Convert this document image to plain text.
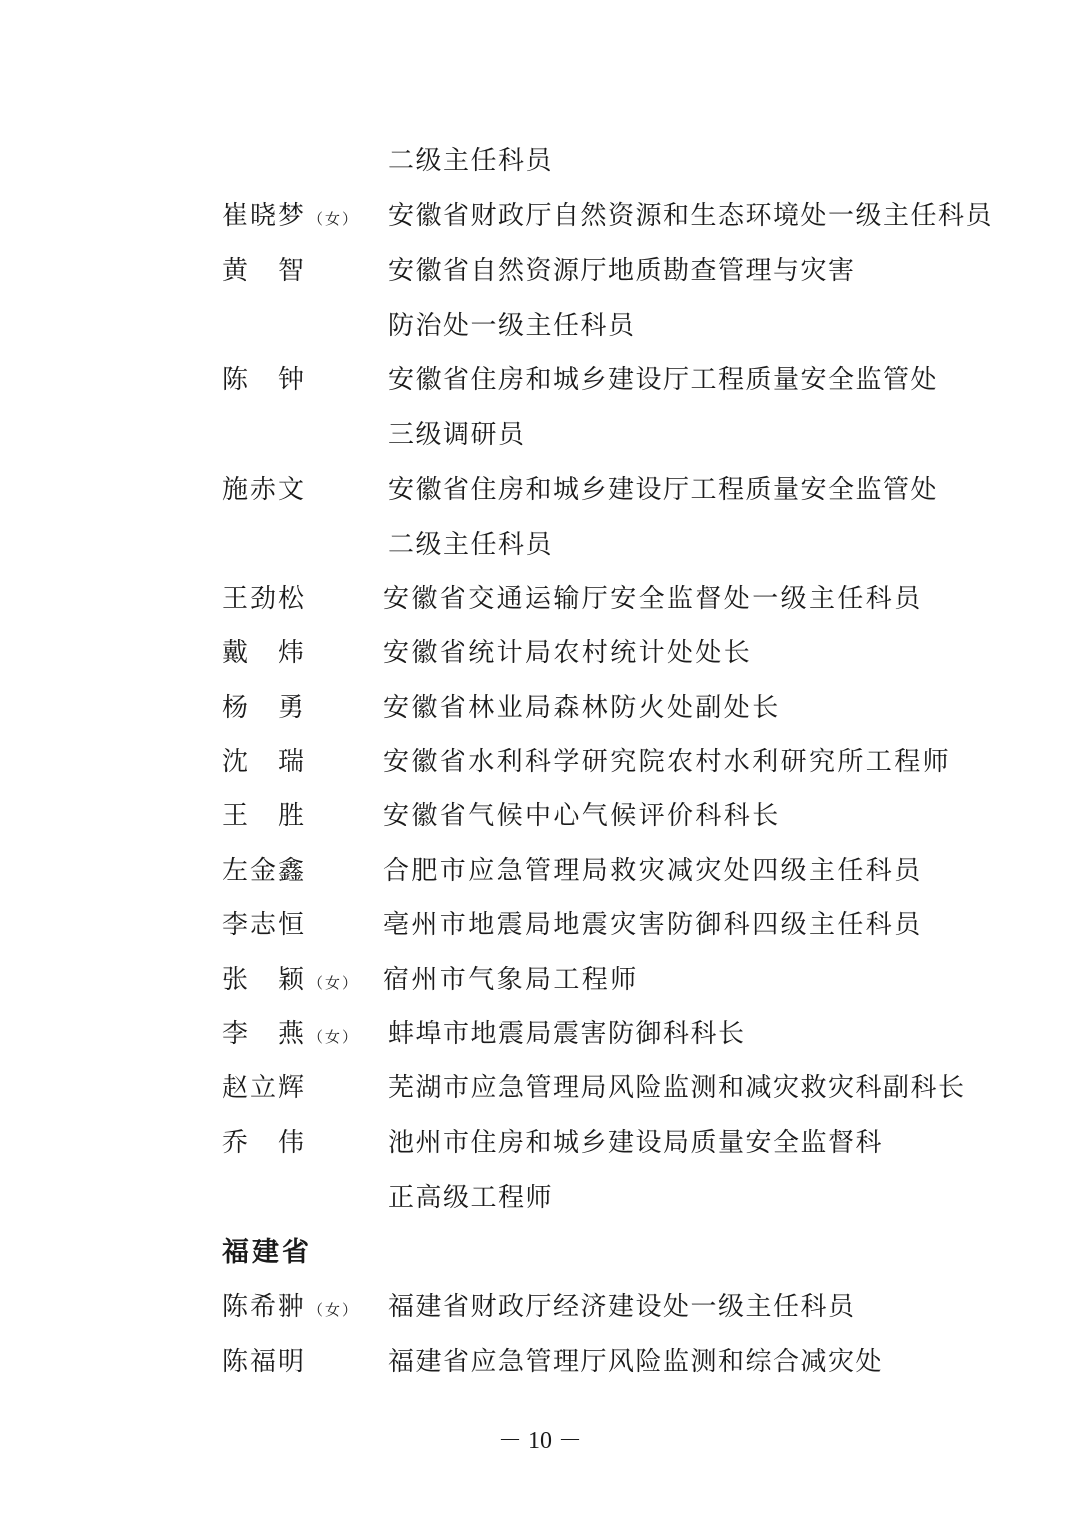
二级主任科员
崔晓梦 （女） 安徽省财政厅自然资源和生态环境处一级主任科员
黄　智	安徽省自然资源厅地质勘查管理与灾害
防治处一级主任科员
陈　钟	安徽省住房和城乡建设厅工程质量安全监管处
三级调研员
施赤文	安徽省住房和城乡建设厅工程质量安全监管处
二级主任科员
王劲松	安徽省交通运输厅安全监督处一级主任科员
戴　炜	安徽省统计局农村统计处处长
杨　勇	安徽省林业局森林防火处副处长
沈　瑞	安徽省水利科学研究院农村水利研究所工程师
王　胜	安徽省气候中心气候评价科科长
左金鑫	合肥市应急管理局救灾减灾处四级主任科员
李志恒	亳州市地震局地震灾害防御科四级主任科员
张　颖 （女） 宿州市气象局工程师
李　燕 （女） 蚌埠市地震局震害防御科科长
赵立辉	芜湖市应急管理局风险监测和减灾救灾科副科长
乔　伟	池州市住房和城乡建设局质量安全监督科
正高级工程师
福建省
陈希翀 （女） 福建省财政厅经济建设处一级主任科员
陈福明	福建省应急管理厅风险监测和综合减灾处
－ 10 －
